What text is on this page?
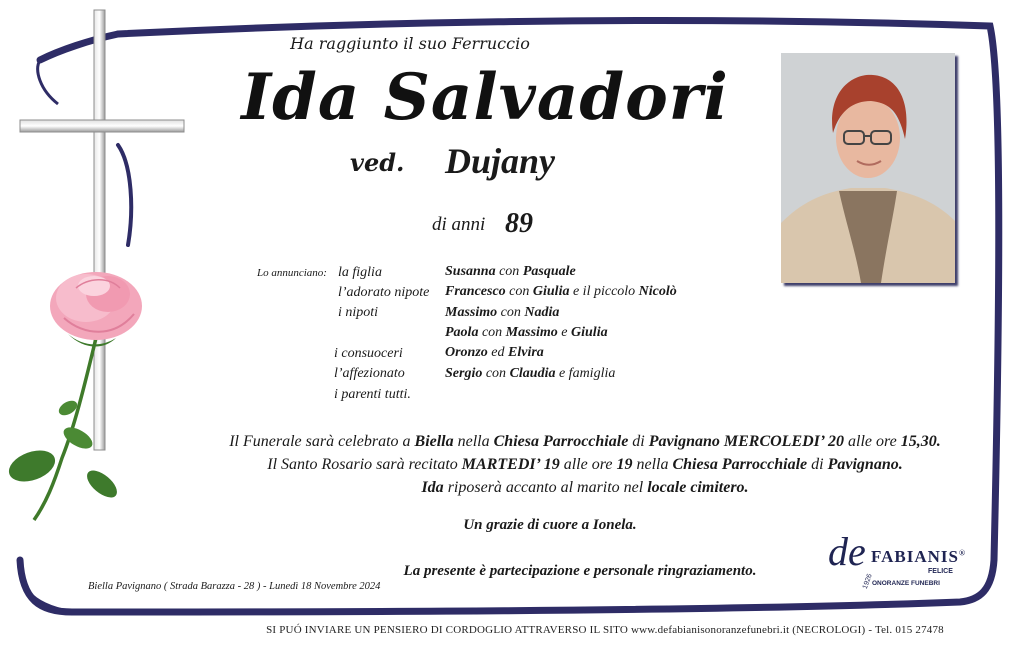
Ha raggiunto il suo Ferruccio
Ida Salvadori
ved. Dujany
di anni 89
Lo annunciano: la figlia
l’adorato nipote
i nipoti
i consuoceri
l’affezionato
i parenti tutti.
Susanna con Pasquale
Francesco con Giulia e il piccolo Nicolò
Massimo con Nadia
Paola con Massimo e Giulia
Oronzo ed Elvira
Sergio con Claudia e famiglia
Il Funerale sarà celebrato a Biella nella Chiesa Parrocchiale di Pavignano MERCOLEDI’ 20 alle ore 15,30.
Il Santo Rosario sarà recitato MARTEDI’ 19 alle ore 19 nella Chiesa Parrocchiale di Pavignano.
Ida riposerà accanto al marito nel locale cimitero.
Un grazie di cuore a Ionela.
La presente è partecipazione e personale ringraziamento.
Biella Pavignano ( Strada Barazza - 28 ) - Lunedì 18 Novembre 2024
de FABIANIS®
FELICE
ONORANZE FUNEBRI
1926
SI PUÓ INVIARE UN PENSIERO DI CORDOGLIO ATTRAVERSO IL SITO www.defabianisonoranzefunebri.it (NECROLOGI) - Tel. 015 27478
